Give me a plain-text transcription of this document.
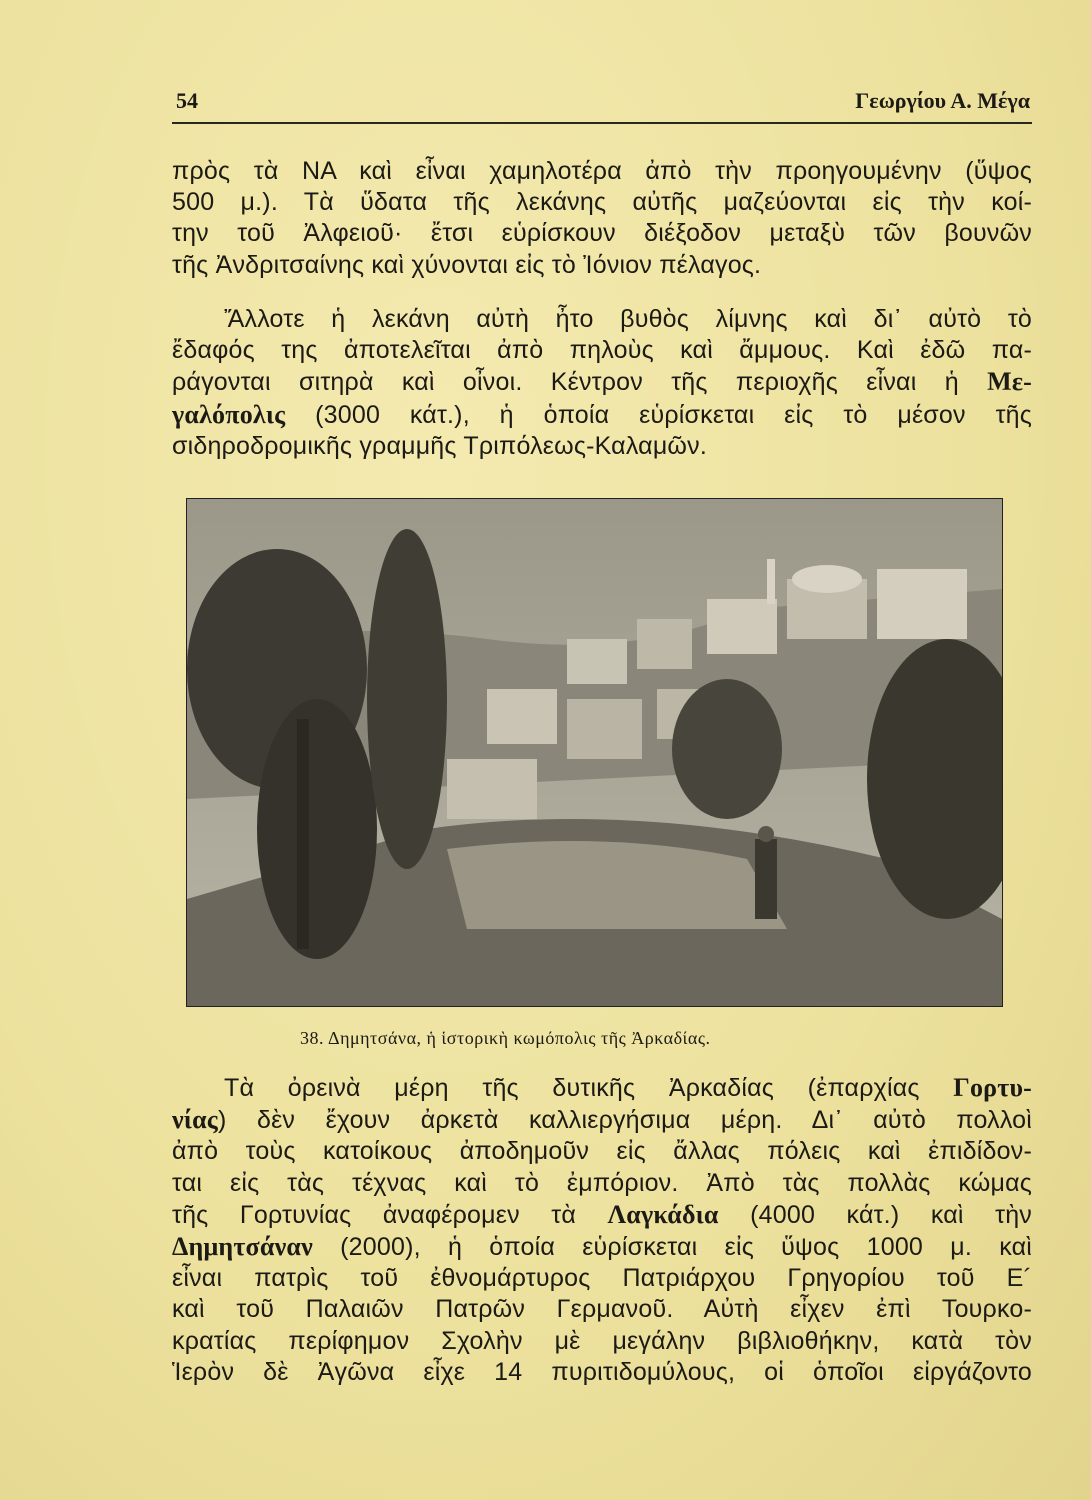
54	Γεωργίου Α. Μέγα
πρὸς τὰ ΝΑ καὶ εἶναι χαμηλοτέρα ἀπὸ τὴν προηγουμένην (ὕψος
500 μ.). Τὰ ὕδατα τῆς λεκάνης αὐτῆς μαζεύονται εἰς τὴν κοί-
την τοῦ Ἀλφειοῦ· ἔτσι εὑρίσκουν διέξοδον μεταξὺ τῶν βουνῶν
τῆς Ἀνδριτσαίνης καὶ χύνονται εἰς τὸ Ἰόνιον πέλαγος.
Ἄλλοτε ἡ λεκάνη αὐτὴ ἦτο βυθὸς λίμνης καὶ δι᾽ αὐτὸ τὸ
ἔδαφός της ἀποτελεῖται ἀπὸ πηλοὺς καὶ ἄμμους. Καὶ ἐδῶ πα-
ράγονται σιτηρὰ καὶ οἶνοι. Κέντρον τῆς περιοχῆς εἶναι ἡ Με-
γαλόπολις (3000 κάτ.), ἡ ὁποία εὑρίσκεται εἰς τὸ μέσον τῆς
σιδηροδρομικῆς γραμμῆς Τριπόλεως-Καλαμῶν.
38. Δημητσάνα, ἡ ἱστορικὴ κωμόπολις τῆς Ἀρκαδίας.
Τὰ ὀρεινὰ μέρη τῆς δυτικῆς Ἀρκαδίας (ἐπαρχίας Γορτυ-
νίας) δὲν ἔχουν ἀρκετὰ καλλιεργήσιμα μέρη. Δι᾽ αὐτὸ πολλοὶ
ἀπὸ τοὺς κατοίκους ἀποδημοῦν εἰς ἄλλας πόλεις καὶ ἐπιδίδον-
ται εἰς τὰς τέχνας καὶ τὸ ἐμπόριον. Ἀπὸ τὰς πολλὰς κώμας
τῆς Γορτυνίας ἀναφέρομεν τὰ Λαγκάδια (4000 κάτ.) καὶ τὴν
Δημητσάναν (2000), ἡ ὁποία εὑρίσκεται εἰς ὕψος 1000 μ. καὶ
εἶναι πατρὶς τοῦ ἐθνομάρτυρος Πατριάρχου Γρηγορίου τοῦ Ε´
καὶ τοῦ Παλαιῶν Πατρῶν Γερμανοῦ. Αὐτὴ εἶχεν ἐπὶ Τουρκο-
κρατίας περίφημον Σχολὴν μὲ μεγάλην βιβλιοθήκην, κατὰ τὸν
Ἱερὸν δὲ Ἀγῶνα εἶχε 14 πυριτιδομύλους, οἱ ὁποῖοι εἰργάζοντο
